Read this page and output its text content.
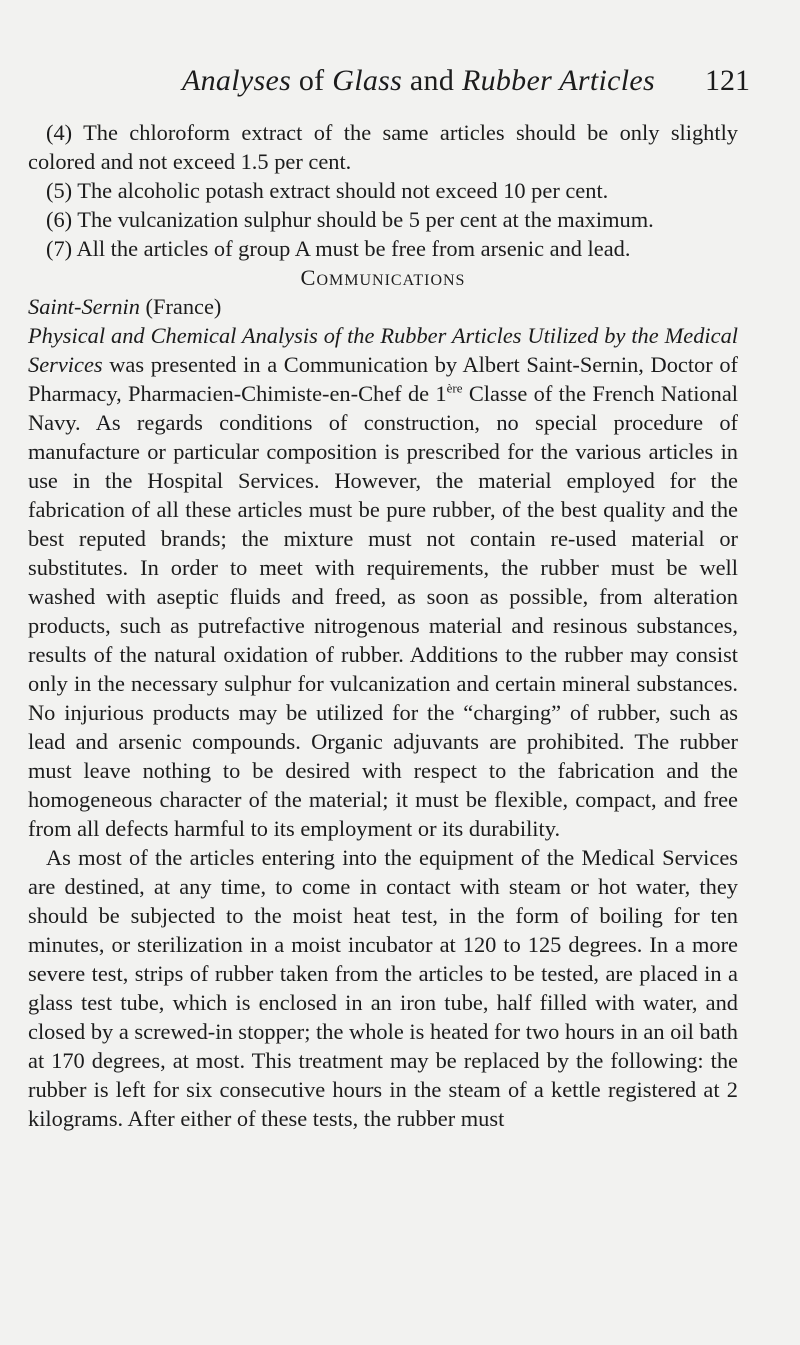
Analyses of Glass and Rubber Articles 121

(4) The chloroform extract of the same articles should be only slightly colored and not exceed 1.5 per cent.

(5) The alcoholic potash extract should not exceed 10 per cent.

(6) The vulcanization sulphur should be 5 per cent at the maximum.

(7) All the articles of group A must be free from arsenic and lead.

Communications

Saint-Sernin (France)

Physical and Chemical Analysis of the Rubber Articles Utilized by the Medical Services was presented in a Communication by Albert Saint-Sernin, Doctor of Pharmacy, Pharmacien-Chimiste-en-Chef de 1ère Classe of the French National Navy. As regards conditions of construction, no special procedure of manufacture or particular composition is prescribed for the various articles in use in the Hospital Services. However, the material employed for the fabrication of all these articles must be pure rubber, of the best quality and the best reputed brands; the mixture must not contain re-used material or substitutes. In order to meet with requirements, the rubber must be well washed with aseptic fluids and freed, as soon as possible, from alteration products, such as putrefactive nitrogenous material and resinous substances, results of the natural oxidation of rubber. Additions to the rubber may consist only in the necessary sulphur for vulcanization and certain mineral substances. No injurious products may be utilized for the “charging” of rubber, such as lead and arsenic compounds. Organic adjuvants are prohibited. The rubber must leave nothing to be desired with respect to the fabrication and the homogeneous character of the material; it must be flexible, compact, and free from all defects harmful to its employment or its durability.

As most of the articles entering into the equipment of the Medical Services are destined, at any time, to come in contact with steam or hot water, they should be subjected to the moist heat test, in the form of boiling for ten minutes, or sterilization in a moist incubator at 120 to 125 degrees. In a more severe test, strips of rubber taken from the articles to be tested, are placed in a glass test tube, which is enclosed in an iron tube, half filled with water, and closed by a screwed-in stopper; the whole is heated for two hours in an oil bath at 170 degrees, at most. This treatment may be replaced by the following: the rubber is left for six consecutive hours in the steam of a kettle registered at 2 kilograms. After either of these tests, the rubber must
